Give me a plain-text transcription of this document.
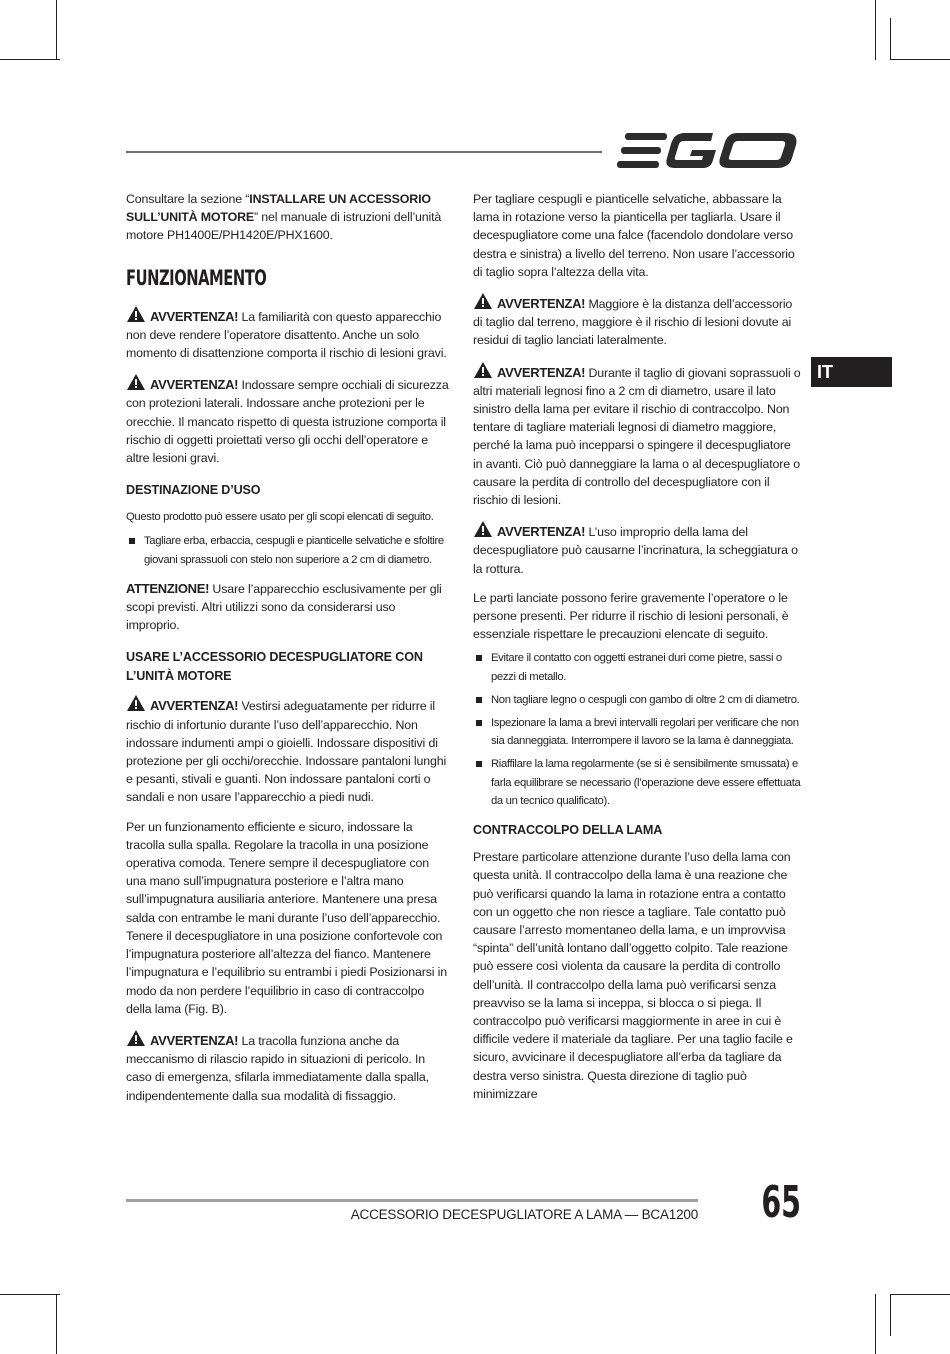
Consultare la sezione “INSTALLARE UN ACCESSORIO SULL’UNITÀ MOTORE” nel manuale di istruzioni dell’unità motore PH1400E/PH1420E/PHX1600.

FUNZIONAMENTO

AVVERTENZA! La familiarità con questo apparecchio non deve rendere l’operatore disattento. Anche un solo momento di disattenzione comporta il rischio di lesioni gravi.

AVVERTENZA! Indossare sempre occhiali di sicurezza con protezioni laterali. Indossare anche protezioni per le orecchie. Il mancato rispetto di questa istruzione comporta il rischio di oggetti proiettati verso gli occhi dell’operatore e altre lesioni gravi.

DESTINAZIONE D’USO

Questo prodotto può essere usato per gli scopi elencati di seguito.

Tagliare erba, erbaccia, cespugli e pianticelle selvatiche e sfoltire giovani sprassuoli con stelo non superiore a 2 cm di diametro.

ATTENZIONE! Usare l’apparecchio esclusivamente per gli scopi previsti. Altri utilizzi sono da considerarsi uso improprio.

USARE L’ACCESSORIO DECESPUGLIATORE CON L’UNITÀ MOTORE

AVVERTENZA! Vestirsi adeguatamente per ridurre il rischio di infortunio durante l’uso dell’apparecchio. Non indossare indumenti ampi o gioielli. Indossare dispositivi di protezione per gli occhi/orecchie. Indossare pantaloni lunghi e pesanti, stivali e guanti. Non indossare pantaloni corti o sandali e non usare l’apparecchio a piedi nudi.

Per un funzionamento efficiente e sicuro, indossare la tracolla sulla spalla. Regolare la tracolla in una posizione operativa comoda. Tenere sempre il decespugliatore con una mano sull’impugnatura posteriore e l’altra mano sull’impugnatura ausiliaria anteriore. Mantenere una presa salda con entrambe le mani durante l’uso dell’apparecchio. Tenere il decespugliatore in una posizione confortevole con l’impugnatura posteriore all’altezza del fianco. Mantenere l’impugnatura e l’equilibrio su entrambi i piedi Posizionarsi in modo da non perdere l’equilibrio in caso di contraccolpo della lama (Fig. B).

AVVERTENZA! La tracolla funziona anche da meccanismo di rilascio rapido in situazioni di pericolo. In caso di emergenza, sfilarla immediatamente dalla spalla, indipendentemente dalla sua modalità di fissaggio.

Per tagliare cespugli e pianticelle selvatiche, abbassare la lama in rotazione verso la pianticella per tagliarla. Usare il decespugliatore come una falce (facendolo dondolare verso destra e sinistra) a livello del terreno. Non usare l’accessorio di taglio sopra l’altezza della vita.

AVVERTENZA! Maggiore è la distanza dell’accessorio di taglio dal terreno, maggiore è il rischio di lesioni dovute ai residui di taglio lanciati lateralmente.

AVVERTENZA! Durante il taglio di giovani soprassuoli o altri materiali legnosi fino a 2 cm di diametro, usare il lato sinistro della lama per evitare il rischio di contraccolpo. Non tentare di tagliare materiali legnosi di diametro maggiore, perché la lama può incepparsi o spingere il decespugliatore in avanti. Ciò può danneggiare la lama o al decespugliatore o causare la perdita di controllo del decespugliatore con il rischio di lesioni.

AVVERTENZA! L’uso improprio della lama del decespugliatore può causarne l’incrinatura, la scheggiatura o la rottura.

Le parti lanciate possono ferire gravemente l’operatore o le persone presenti. Per ridurre il rischio di lesioni personali, è essenziale rispettare le precauzioni elencate di seguito.

Evitare il contatto con oggetti estranei duri come pietre, sassi o pezzi di metallo.
Non tagliare legno o cespugli con gambo di oltre 2 cm di diametro.
Ispezionare la lama a brevi intervalli regolari per verificare che non sia danneggiata. Interrompere il lavoro se la lama è danneggiata.
Riaffilare la lama regolarmente (se si è sensibilmente smussata) e farla equilibrare se necessario (l’operazione deve essere effettuata da un tecnico qualificato).
CONTRACCOLPO DELLA LAMA

Prestare particolare attenzione durante l’uso della lama con questa unità. Il contraccolpo della lama è una reazione che può verificarsi quando la lama in rotazione entra a contatto con un oggetto che non riesce a tagliare. Tale contatto può causare l’arresto momentaneo della lama, e un improvvisa “spinta” dell’unità lontano dall’oggetto colpito. Tale reazione può essere così violenta da causare la perdita di controllo dell’unità. Il contraccolpo della lama può verificarsi senza preavviso se la lama si inceppa, si blocca o si piega. Il contraccolpo può verificarsi maggiormente in aree in cui è difficile vedere il materiale da tagliare. Per una taglio facile e sicuro, avvicinare il decespugliatore all’erba da tagliare da destra verso sinistra. Questa direzione di taglio può minimizzare

IT
ACCESSORIO DECESPUGLIATORE A LAMA — BCA1200 65
